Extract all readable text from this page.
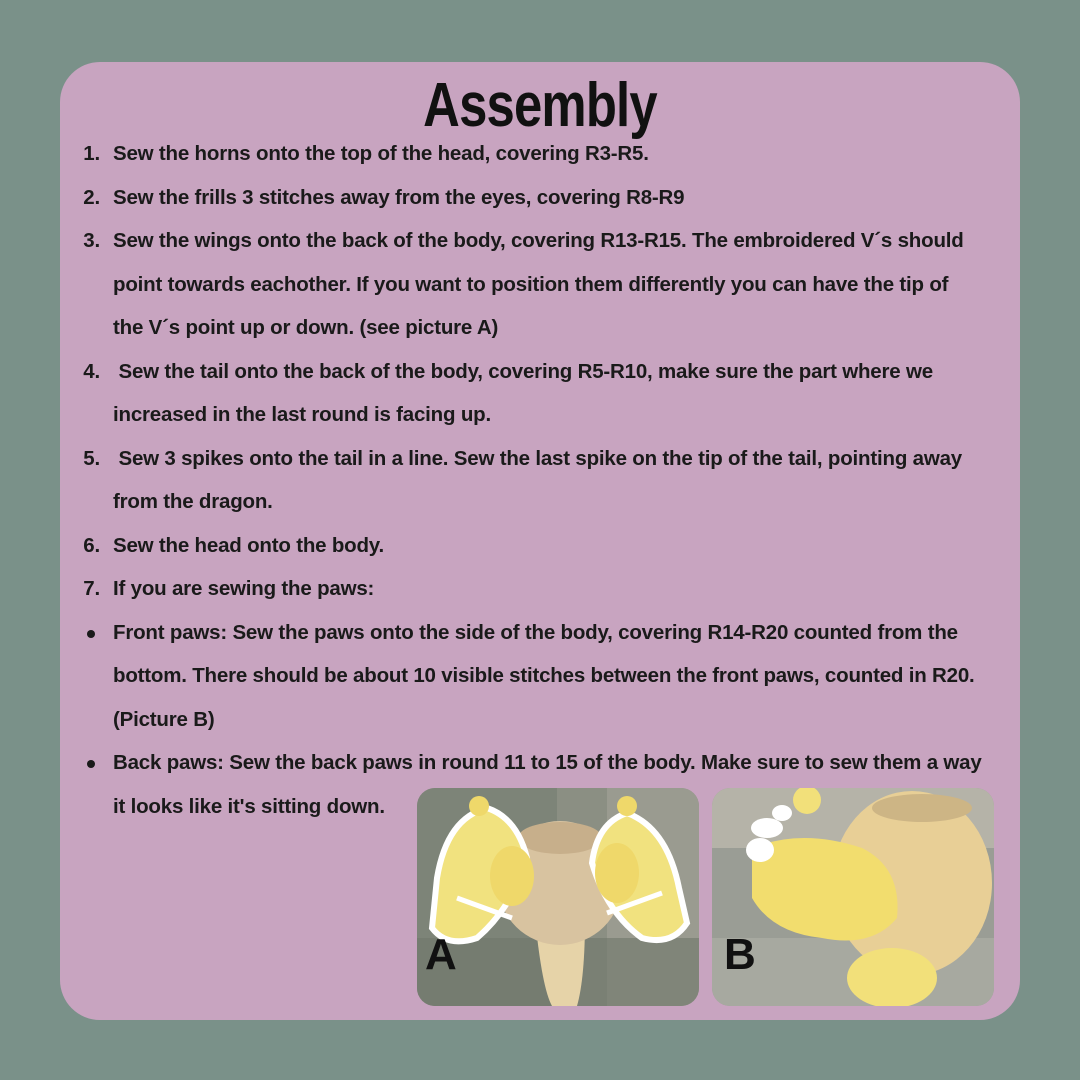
Assembly
1. Sew the horns onto the top of the head, covering R3-R5.

2. Sew the frills 3 stitches away from the eyes, covering R8-R9

3. Sew the wings onto the back of the body, covering R13-R15. The embroidered V´s should

point towards eachother. If you want to position them differently you can have the tip of

the V´s point up or down. (see picture A)

4. Sew the tail onto the back of the body, covering R5-R10, make sure the part where we

increased in the last round is facing up.

5. Sew 3 spikes onto the tail in a line. Sew the last spike on the tip of the tail, pointing away

from the dragon.

6. Sew the head onto the body.

7. If you are sewing the paws:

Front paws: Sew the paws onto the side of the body, covering R14-R20 counted from the

bottom. There should be about 10 visible stitches between the front paws, counted in R20.

(Picture B)

Back paws: Sew the back paws in round 11 to 15 of the body. Make sure to sew them a way

it looks like it's sitting down.

A	B
